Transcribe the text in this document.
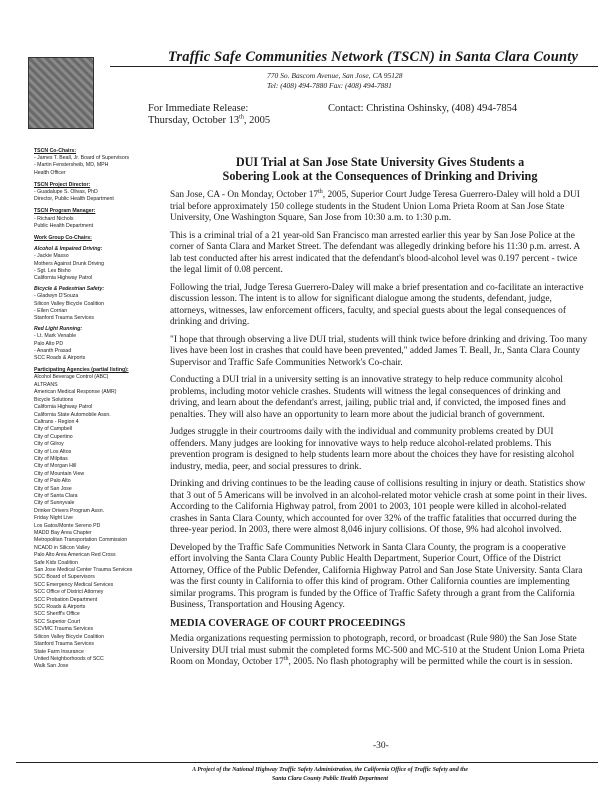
Traffic Safe Communities Network (TSCN) in Santa Clara County
770 So. Bascom Avenue, San Jose, CA 95128
Tel: (408) 494-7880 Fax: (408) 494-7881
For Immediate Release:
Thursday, October 13th, 2005
Contact: Christina Oshinsky, (408) 494-7854
TSCN Co-Chairs:
- James T. Beall, Jr. Board of Supervisors
- Martin Fenstersheib, MD, MPH
Health Officer
TSCN Project Director:
- Guadalupe S. Olivas, PhD
Director, Public Health Department
TSCN Program Manager:
- Richard Nichols
Public Health Department
Work Group Co-Chairs:
Alcohol & Impaired Driving:
- Jackie Masso
Mothers Against Drunk Driving
- Sgt. Les Bisho
California Highway Patrol
Bicycle & Pedestrian Safety:
- Gladwyn D'Souza
Silicon Valley Bicycle Coalition
- Ellen Corrian
Stanford Trauma Services
Red Light Running:
- Lt. Mark Venable
Palo Alto PD
- Ananth Prasad
SCC Roads & Airports
Participating Agencies (partial listing):
Alcohol Beverage Control (ABC)
ALTRANS
American Medical Response (AMR)
Bicycle Solutions
California Highway Patrol
California State Automobile Assn.
Caltrans - Region 4
City of Campbell
City of Cupertino
City of Gilroy
City of Los Altos
City of Milpitas
City of Morgan Hill
City of Mountain View
City of Palo Alto
City of San Jose
City of Santa Clara
City of Sunnyvale
Drinker Drivers Program Assn.
Friday Night Live
Los Gatos/Monte Sereno PD
MADD Bay Area Chapter
Metropolitan Transportation Commission
NCADD in Silicon Valley
Palo Alto Area American Red Cross
Safe Kids Coalition
San Jose Medical Center Trauma Services
SCC Board of Supervisors
SCC Emergency Medical Services
SCC Office of District Attorney
SCC Probation Department
SCC Roads & Airports
SCC Sheriff's Office
SCC Superior Court
SCVMC Trauma Services
Silicon Valley Bicycle Coalition
Stanford Trauma Services
State Farm Insurance
United Neighborhoods of SCC
Walk San Jose
DUI Trial at San Jose State University Gives Students a
Sobering Look at the Consequences of Drinking and Driving

San Jose, CA - On Monday, October 17th, 2005, Superior Court Judge Teresa Guerrero-Daley will hold a DUI trial before approximately 150 college students in the Student Union Loma Prieta Room at San Jose State University, One Washington Square, San Jose from 10:30 a.m. to 1:30 p.m.

This is a criminal trial of a 21 year-old San Francisco man arrested earlier this year by San Jose Police at the corner of Santa Clara and Market Street. The defendant was allegedly drinking before his 11:30 p.m. arrest. A lab test conducted after his arrest indicated that the defendant's blood-alcohol level was 0.197 percent - twice the legal limit of 0.08 percent.

Following the trial, Judge Teresa Guerrero-Daley will make a brief presentation and co-facilitate an interactive discussion lesson. The intent is to allow for significant dialogue among the students, defendant, judge, attorneys, witnesses, law enforcement officers, faculty, and special guests about the legal consequences of drinking and driving.

"I hope that through observing a live DUI trial, students will think twice before drinking and driving. Too many lives have been lost in crashes that could have been prevented," added James T. Beall, Jr., Santa Clara County Supervisor and Traffic Safe Communities Network's Co-chair.

Conducting a DUI trial in a university setting is an innovative strategy to help reduce community alcohol problems, including motor vehicle crashes. Students will witness the legal consequences of drinking and driving, and learn about the defendant's arrest, jailing, public trial and, if convicted, the imposed fines and penalties. They will also have an opportunity to learn more about the judicial branch of government.

Judges struggle in their courtrooms daily with the individual and community problems created by DUI offenders. Many judges are looking for innovative ways to help reduce alcohol-related problems. This prevention program is designed to help students learn more about the choices they have for resisting alcohol industry, media, peer, and social pressures to drink.

Drinking and driving continues to be the leading cause of collisions resulting in injury or death. Statistics show that 3 out of 5 Americans will be involved in an alcohol-related motor vehicle crash at some point in their lives. According to the California Highway patrol, from 2001 to 2003, 101 people were killed in alcohol-related crashes in Santa Clara County, which accounted for over 32% of the traffic fatalities that occurred during the three-year period. In 2003, there were almost 8,046 injury collisions. Of those, 9% had alcohol involved.

Developed by the Traffic Safe Communities Network in Santa Clara County, the program is a cooperative effort involving the Santa Clara County Public Health Department, Superior Court, Office of the District Attorney, Office of the Public Defender, California Highway Patrol and San Jose State University. Santa Clara was the first county in California to offer this kind of program. Other California counties are implementing similar programs. This program is funded by the Office of Traffic Safety through a grant from the California Business, Transportation and Housing Agency.

MEDIA COVERAGE OF COURT PROCEEDINGS

Media organizations requesting permission to photograph, record, or broadcast (Rule 980) the San Jose State University DUI trial must submit the completed forms MC-500 and MC-510 at the Student Union Loma Prieta Room on Monday, October 17th, 2005. No flash photography will be permitted while the court is in session.

-30-
A Project of the National Highway Traffic Safety Administration, the California Office of Traffic Safety and the
Santa Clara County Public Health Department
